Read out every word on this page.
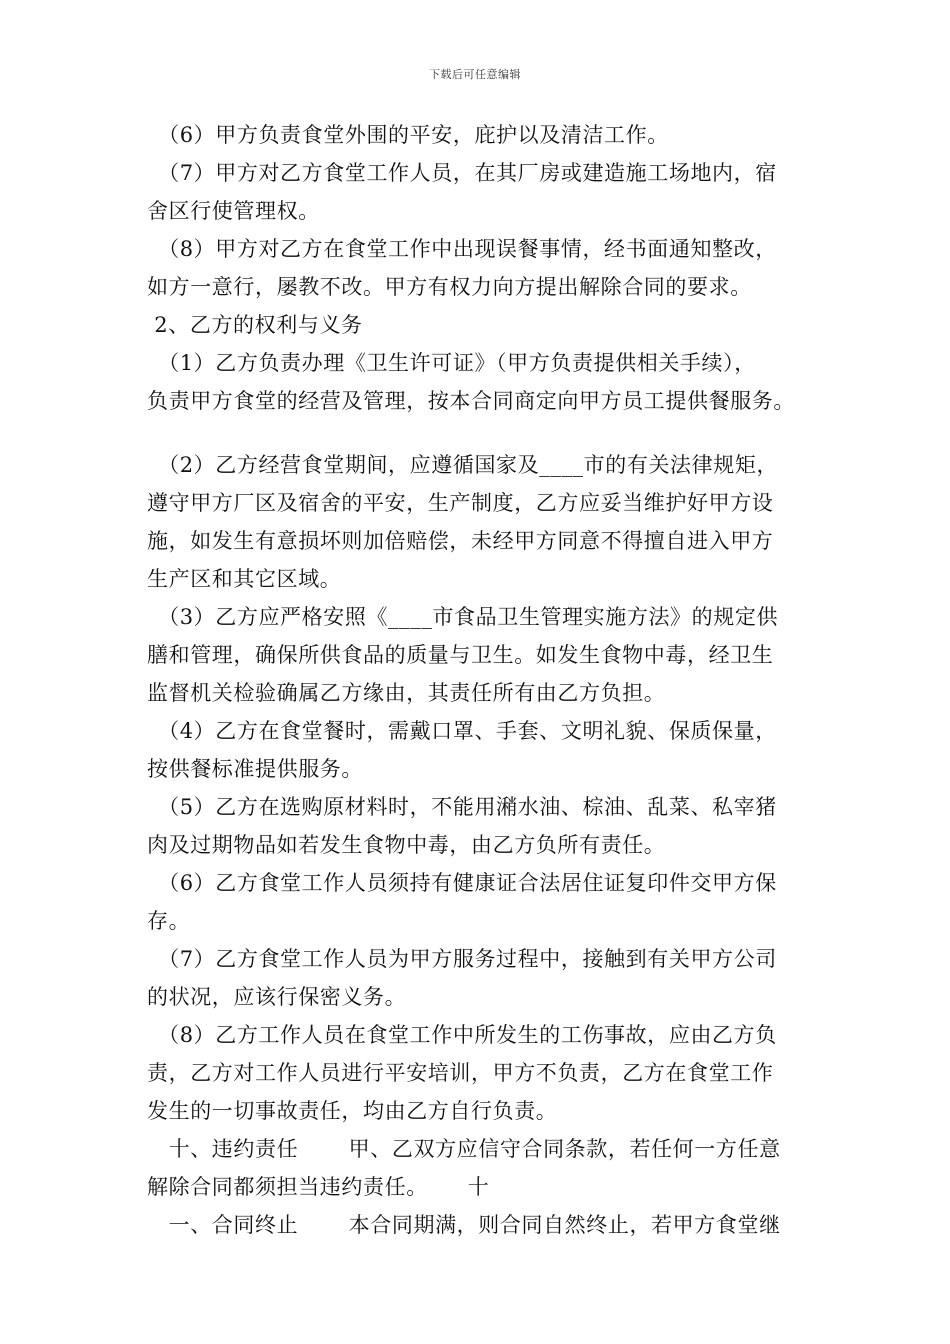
下载后可任意编辑

　（6）甲方负责食堂外围的平安，庇护以及清洁工作。

　（7）甲方对乙方食堂工作人员，在其厂房或建造施工场地内，宿

舍区行使管理权。

　（8）甲方对乙方在食堂工作中出现误餐事情，经书面通知整改，

如方一意行，屡教不改。甲方有权力向方提出解除合同的要求。

2、乙方的权利与义务

　（1）乙方负责办理《卫生许可证》（甲方负责提供相关手续），

负责甲方食堂的经营及管理，按本合同商定向甲方员工提供餐服务。

　（2）乙方经营食堂期间，应遵循国家及____市的有关法律规矩，

遵守甲方厂区及宿舍的平安，生产制度，乙方应妥当维护好甲方设

施，如发生有意损坏则加倍赔偿，未经甲方同意不得擅自进入甲方

生产区和其它区域。

　（3）乙方应严格安照《____市食品卫生管理实施方法》的规定供

膳和管理，确保所供食品的质量与卫生。如发生食物中毒，经卫生

监督机关检验确属乙方缘由，其责任所有由乙方负担。

　（4）乙方在食堂餐时，需戴口罩、手套、文明礼貌、保质保量，

按供餐标准提供服务。

　（5）乙方在选购原材料时，不能用潲水油、棕油、乱菜、私宰猪

肉及过期物品如若发生食物中毒，由乙方负所有责任。

　（6）乙方食堂工作人员须持有健康证合法居住证复印件交甲方保

存。

　（7）乙方食堂工作人员为甲方服务过程中，接触到有关甲方公司

的状况，应该行保密义务。

　（8）乙方工作人员在食堂工作中所发生的工伤事故，应由乙方负

责，乙方对工作人员进行平安培训，甲方不负责，乙方在食堂工作

发生的一切事故责任，均由乙方自行负责。

　十、违约责任　　 甲、乙双方应信守合同条款，若任何一方任意

解除合同都须担当违约责任。　　 十

　一、合同终止　　 本合同期满，则合同自然终止，若甲方食堂继
